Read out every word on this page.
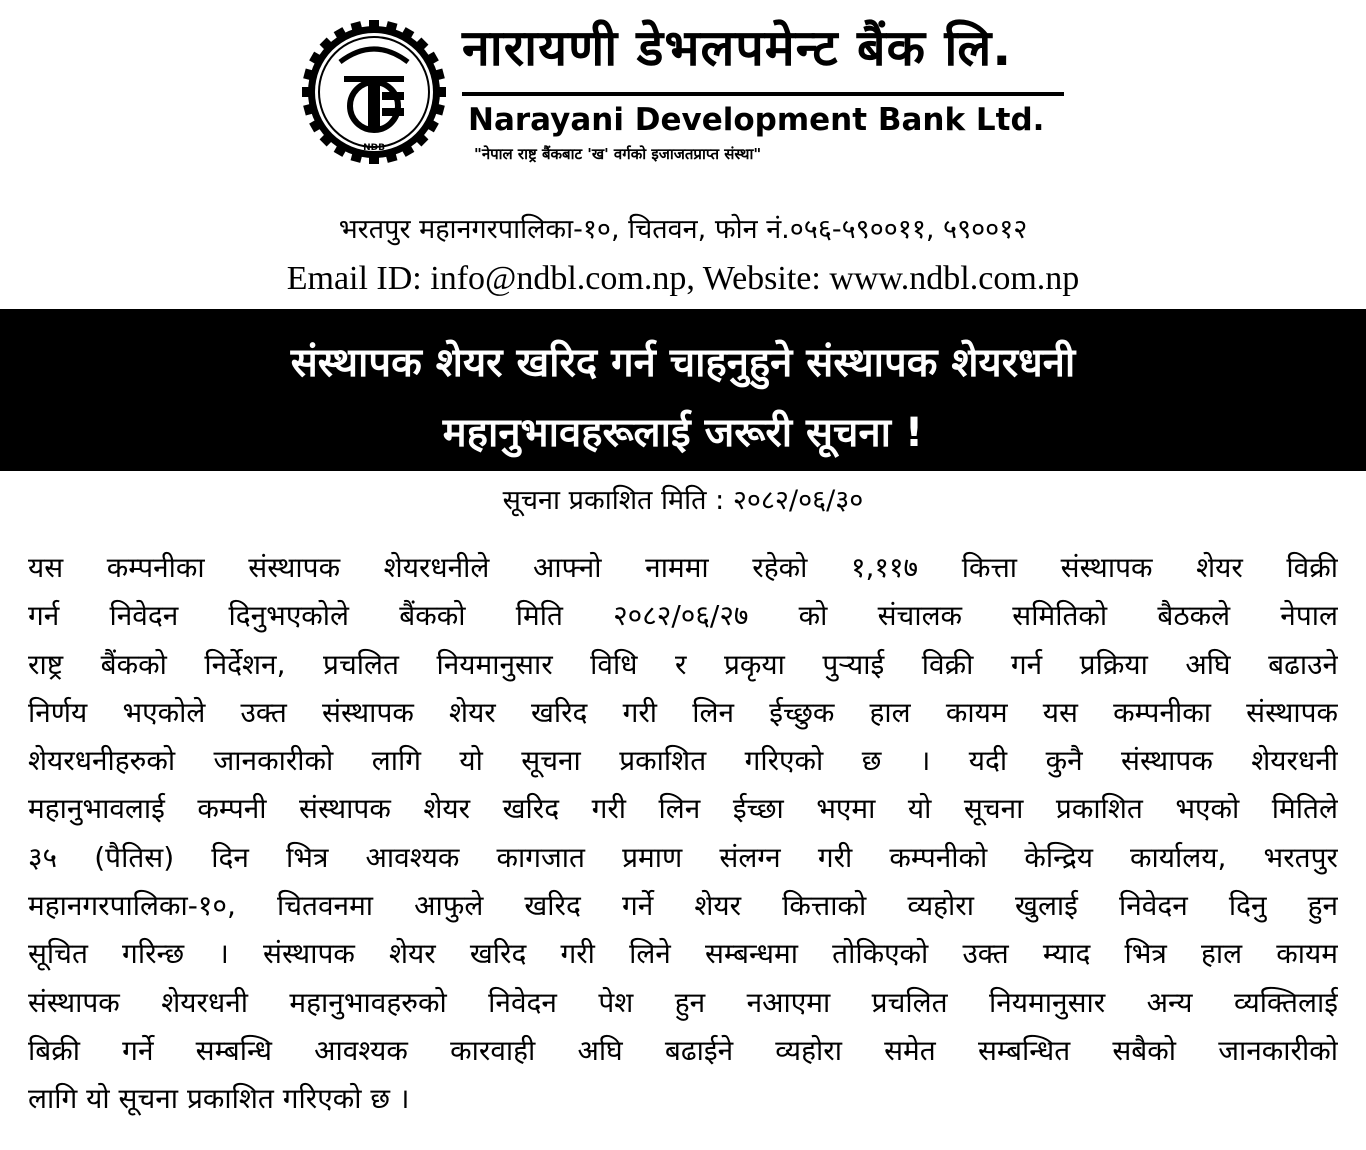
NDB
नारायणी डेभलपमेन्ट बैंक लि.
Narayani Development Bank Ltd.
"नेपाल राष्ट्र बैंकबाट 'ख' वर्गको इजाजतप्राप्त संस्था"
भरतपुर महानगरपालिका-१०, चितवन, फोन नं.०५६-५९००११, ५९००१२
Email ID: info@ndbl.com.np, Website: www.ndbl.com.np
संस्थापक शेयर खरिद गर्न चाहनुहुने संस्थापक शेयरधनी
महानुभावहरूलाई जरूरी सूचना !
सूचना प्रकाशित मिति : २०८२/०६/३०
यस कम्पनीका संस्थापक शेयरधनीले आफ्नो नाममा रहेको १,११७ कित्ता संस्थापक शेयर विक्री
गर्न निवेदन दिनुभएकोले बैंकको मिति २०८२/०६/२७ को संचालक समितिको बैठकले नेपाल
राष्ट्र बैंकको निर्देशन, प्रचलित नियमानुसार विधि र प्रकृया पुऱ्याई विक्री गर्न प्रक्रिया अघि बढाउने
निर्णय भएकोले उक्त संस्थापक शेयर खरिद गरी लिन ईच्छुक हाल कायम यस कम्पनीका संस्थापक
शेयरधनीहरुको जानकारीको लागि यो सूचना प्रकाशित गरिएको छ । यदी कुनै संस्थापक शेयरधनी
महानुभावलाई कम्पनी संस्थापक शेयर खरिद गरी लिन ईच्छा भएमा यो सूचना प्रकाशित भएको मितिले
३५ (पैतिस) दिन भित्र आवश्यक कागजात प्रमाण संलग्न गरी कम्पनीको केन्द्रिय कार्यालय, भरतपुर
महानगरपालिका-१०, चितवनमा आफुले खरिद गर्ने शेयर कित्ताको व्यहोरा खुलाई निवेदन दिनु हुन
सूचित गरिन्छ । संस्थापक शेयर खरिद गरी लिने सम्बन्धमा तोकिएको उक्त म्याद भित्र हाल कायम
संस्थापक शेयरधनी महानुभावहरुको निवेदन पेश हुन नआएमा प्रचलित नियमानुसार अन्य व्यक्तिलाई
बिक्री गर्ने सम्बन्धि आवश्यक कारवाही अघि बढाईने व्यहोरा समेत सम्बन्धित सबैको जानकारीको
लागि यो सूचना प्रकाशित गरिएको छ ।
